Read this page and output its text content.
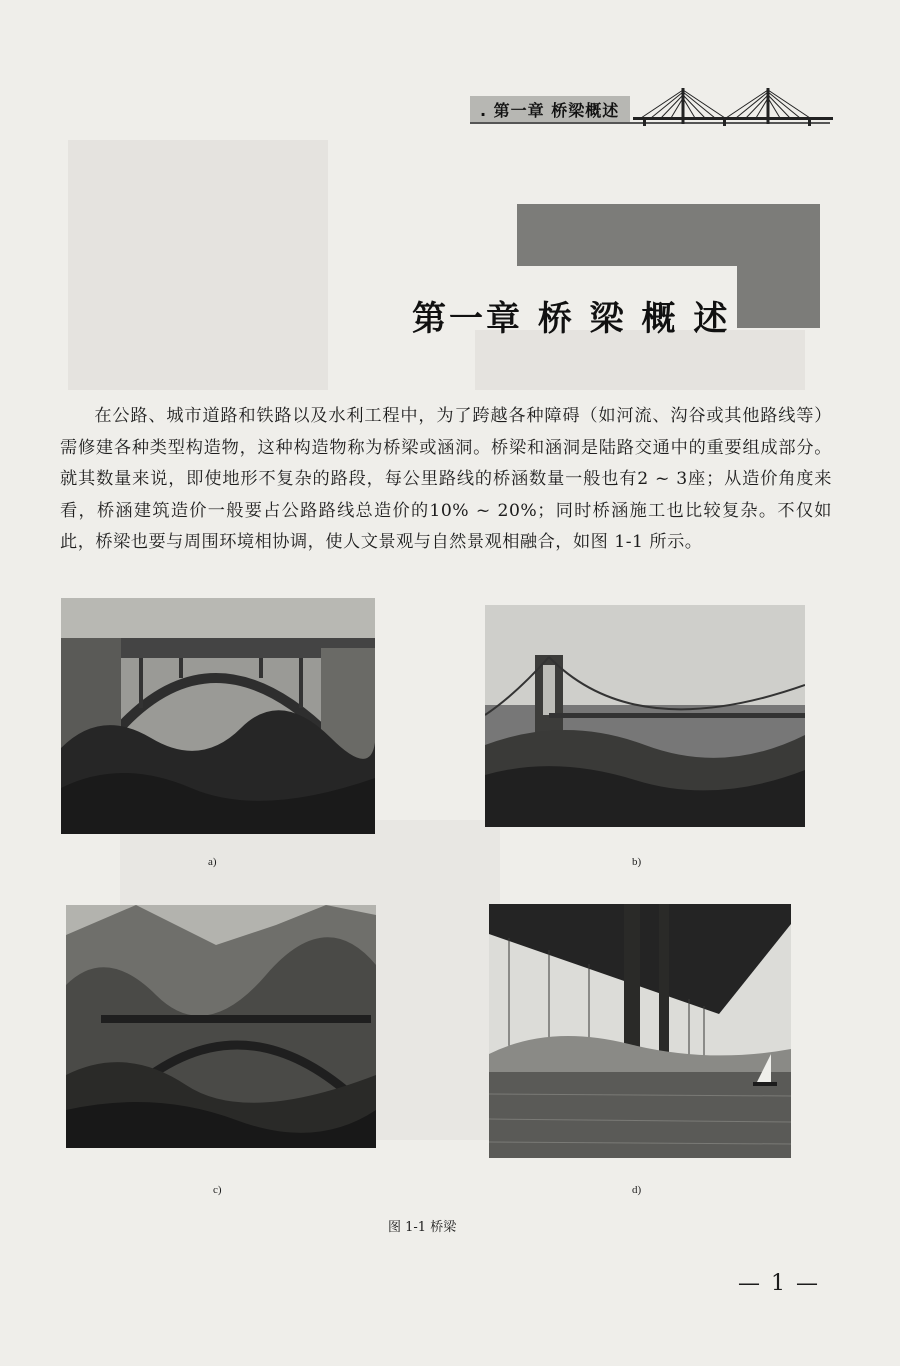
. 第一章 桥梁概述
第一章 桥 梁 概 述
在公路、城市道路和铁路以及水利工程中，为了跨越各种障碍（如河流、沟谷或其他路线等）需修建各种类型构造物，这种构造物称为桥梁或涵洞。桥梁和涵洞是陆路交通中的重要组成部分。就其数量来说，即使地形不复杂的路段，每公里路线的桥涵数量一般也有2 ~ 3座；从造价角度来看，桥涵建筑造价一般要占公路路线总造价的10% ~ 20%；同时桥涵施工也比较复杂。不仅如此，桥梁也要与周围环境相协调，使人文景观与自然景观相融合，如图 1-1 所示。
a)	b)
c)	d)
图 1-1 桥梁
— 1 —
